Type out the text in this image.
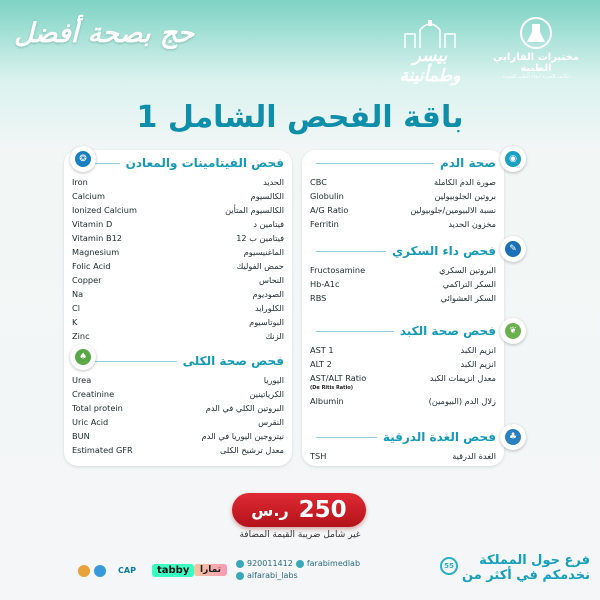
حج بصحة أفضل
بيسر وطمأنينة
مختبرات الفارابي الطبية
تكاتف الخبرة لبقاء الطب للجودة
باقة الفحص الشامل 1
صحة الدم
CBC	صورة الدم الكاملة
Globulin	بروتين الجلوبيولين
A/G Ratio	نسبة الالبيومين/جلوبيولين
Ferritin	مخزون الحديد
فحص داء السكري
Fructosamine	البروتين السكري
Hb-A1c	السكر التراكمي
RBS	السكر العشوائي
فحص صحة الكبد
AST 1	انزيم الكبد
ALT 2	انزيم الكبد
AST/ALT Ratio	معدل انزيمات الكبد
(De Ritis Ratio)
Albumin	زلال الدم (البيومين)
فحص الغدة الدرقية
TSH	الغدة الدرقية
◉
✎
❦
♣
فحص الفيتامينات والمعادن
Iron	الحديد
Calcium	الكالسيوم
Ionized Calcium	الكالسيوم المتأين
Vitamin D	فيتامين د
Vitamin B12	فيتامين ب 12
Magnesium	الماغنيسيوم
Folic Acid	حمض الفوليك
Copper	النحاس
Na	الصوديوم
Cl	الكلورايد
K	البوتاسيوم
Zinc	الزنك
فحص صحة الكلى
Urea	اليوريا
Creatinine	الكرياتينين
Total protein	البروتين الكلي في الدم
Uric Acid	النقرس
BUN	نيتروجين اليوريا في الدم
Estimated GFR	معدل ترشيح الكلى
❂
♠
ر.س 250
غير شامل ضريبة القيمة المضافة
CAP	tabby	تمارا
920011412 farabimedlab
alfarabi_labs
55	فرع حول المملكة
نخدمكم في أكثر من
